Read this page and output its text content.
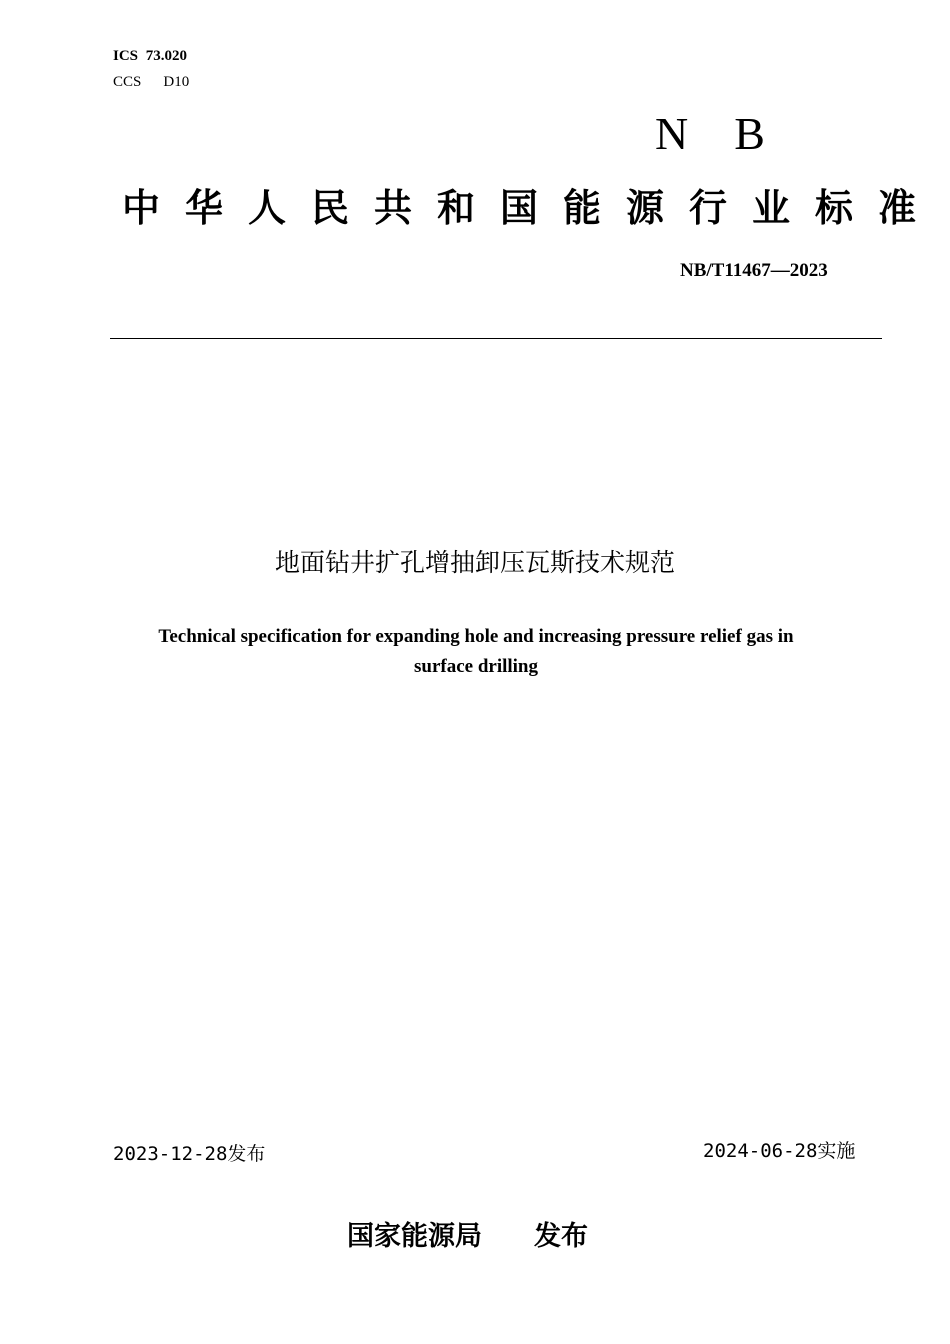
ICS 73.020
CCS D10
NB
中华人民共和国能源行业标准
NB/T11467—2023
地面钻井扩孔增抽卸压瓦斯技术规范
Technical specification for expanding hole and increasing pressure relief gas in
surface drilling
2023-12-28发布	2024-06-28实施
国家能源局 发布
